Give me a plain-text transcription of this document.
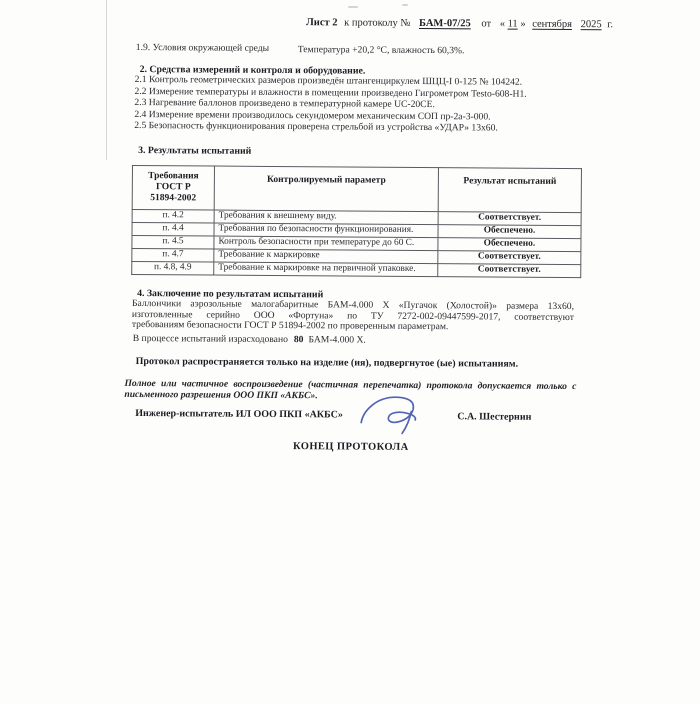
Лист 2 к протоколу № БАМ-07/25 от « 11 » сентября 2025 г.
1.9. Условия окружающей среды	Температура +20,2 °С, влажность 60,3%.
2. Средства измерений и контроля и оборудование.
2.1 Контроль геометрических размеров произведён штангенциркулем ШЦЦ-I 0-125 № 104242.
2.2 Измерение температуры и влажности в помещении произведено Гигрометром Testo-608-H1.
2.3 Нагревание баллонов произведено в температурной камере UC-20CE.
2.4 Измерение времени производилось секундомером механическим СОП пр-2а-3-000.
2.5 Безопасность функционирования проверена стрельбой из устройства «УДАР» 13х60.
3. Результаты испытаний
Требования
ГОСТ Р
51894-2002	Контролируемый параметр	Результат испытаний
п. 4.2	Требования к внешнему виду.	Соответствует.
п. 4.4	Требования по безопасности функционирования.	Обеспечено.
п. 4.5	Контроль безопасности при температуре до 60 С.	Обеспечено.
п. 4.7	Требование к маркировке	Соответствует.
п. 4.8, 4.9	Требование к маркировке на первичной упаковке.	Соответствует.
4. Заключение по результатам испытаний
Баллончики аэрозольные малогабаритные БАМ-4.000 Х «Пугачок (Холостой)» размера 13х60,
изготовленные серийно ООО «Фортуна» по ТУ 7272-002-09447599-2017, соответствуют
требованиям безопасности ГОСТ Р 51894-2002 по проверенным параметрам.
В процессе испытаний израсходовано 80 БАМ-4.000 Х.
Протокол распространяется только на изделие (ия), подвергнутое (ые) испытаниям.
Полное или частичное воспроизведение (частичная перепечатка) протокола допускается только с
письменного разрешения ООО ПКП «АКБС».
Инженер-испытатель ИЛ ООО ПКП «АКБС»	С.А. Шестернин
КОНЕЦ ПРОТОКОЛА
